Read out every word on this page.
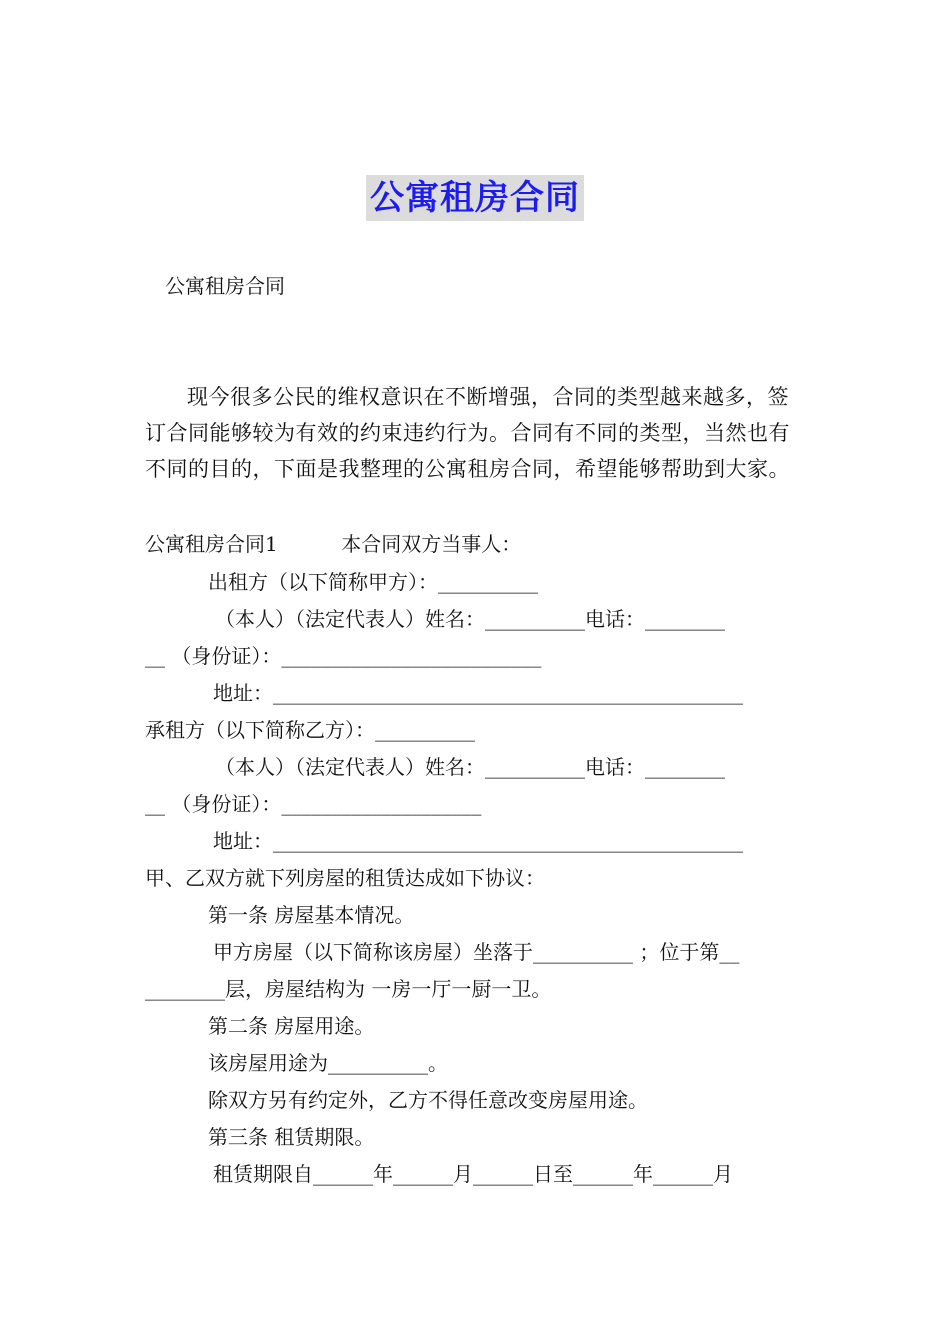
公寓租房合同
公寓租房合同
现今很多公民的维权意识在不断增强，合同的类型越来越多，签订合同能够较为有效的约束违约行为。合同有不同的类型，当然也有不同的目的，下面是我整理的公寓租房合同，希望能够帮助到大家。
公寓租房合同1          本合同双方当事人：
出租方（以下简称甲方）：__________
（本人）（法定代表人）姓名：__________电话：________
__ （身份证）：__________________________
地址：_______________________________________________
承租方（以下简称乙方）：__________
（本人）（法定代表人）姓名：__________电话：________
__ （身份证）：____________________
地址：_______________________________________________
甲、乙双方就下列房屋的租赁达成如下协议：
第一条 房屋基本情况。
甲方房屋（以下简称该房屋）坐落于__________ ；位于第__
________层，房屋结构为 一房一厅一厨一卫。
第二条 房屋用途。
该房屋用途为__________。
除双方另有约定外，乙方不得任意改变房屋用途。
第三条 租赁期限。
租赁期限自______年______月______日至______年______月
